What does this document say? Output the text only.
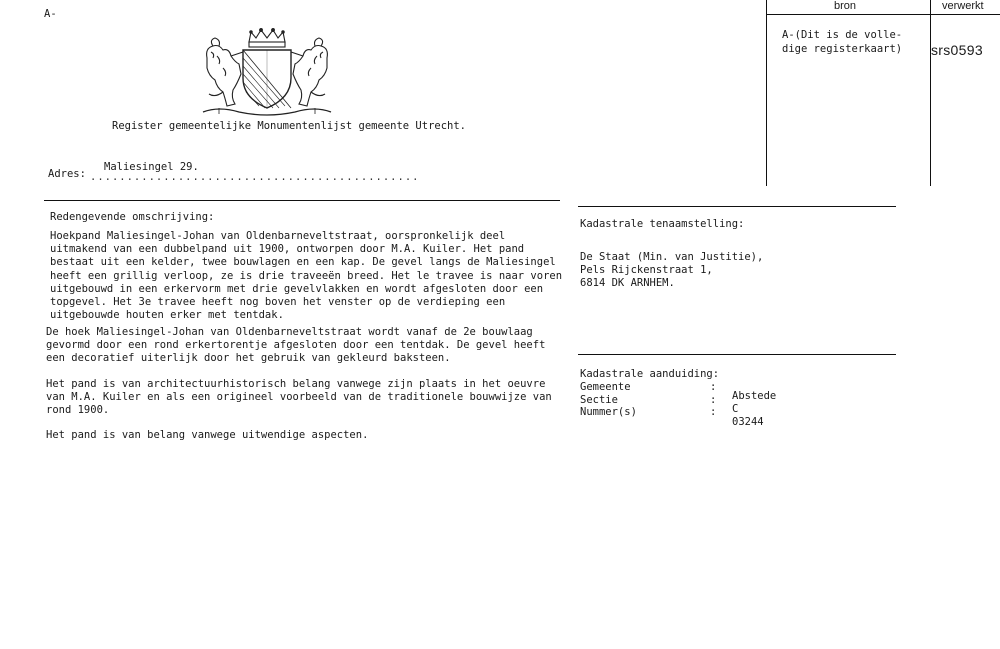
A-

bron	verwerkt
A-(Dit is de volle-
dige registerkaart) srs0593
Register gemeentelijke Monumentenlijst gemeente Utrecht.
Adres: .............................................
Maliesingel 29.
Redengevende omschrijving:
Hoekpand Maliesingel-Johan van Oldenbarneveltstraat, oorspronkelijk deel
uitmakend van een dubbelpand uit 1900, ontworpen door M.A. Kuiler. Het pand
bestaat uit een kelder, twee bouwlagen en een kap. De gevel langs de Maliesingel
heeft een grillig verloop, ze is drie traveeën breed. Het le travee is naar voren
uitgebouwd in een erkervorm met drie gevelvlakken en wordt afgesloten door een
topgevel. Het 3e travee heeft nog boven het venster op de verdieping een
uitgebouwde houten erker met tentdak.
De hoek Maliesingel-Johan van Oldenbarneveltstraat wordt vanaf de 2e bouwlaag
gevormd door een rond erkertorentje afgesloten door een tentdak. De gevel heeft
een decoratief uiterlijk door het gebruik van gekleurd baksteen.
Het pand is van architectuurhistorisch belang vanwege zijn plaats in het oeuvre
van M.A. Kuiler en als een origineel voorbeeld van de traditionele bouwwijze van
rond 1900.
Het pand is van belang vanwege uitwendige aspecten.
Kadastrale tenaamstelling:
De Staat (Min. van Justitie),
Pels Rijckenstraat 1,
6814 DK ARNHEM.
Kadastrale aanduiding:
Gemeente	:
Abstede
Sectie	:
C
Nummer(s)	:
03244
